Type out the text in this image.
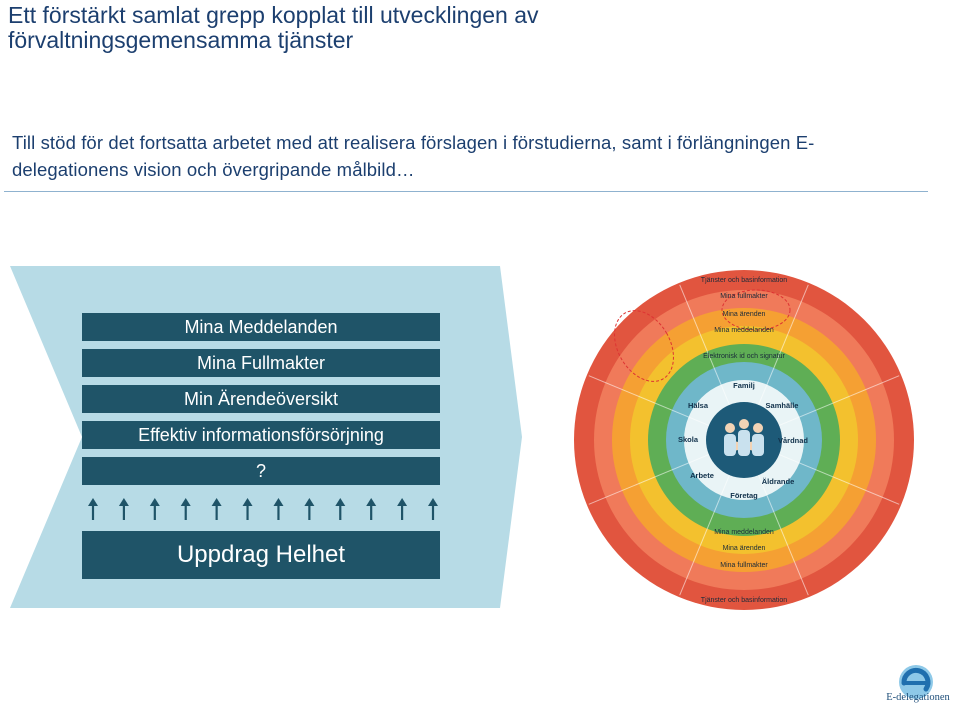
Ett förstärkt samlat grepp kopplat till utvecklingen av förvaltningsgemensamma tjänster

Till stöd för det fortsatta arbetet med att realisera förslagen i förstudierna, samt i förlängningen E-delegationens vision och övergripande målbild…

Mina Meddelanden
Mina Fullmakter
Min Ärendeöversikt
Effektiv informationsförsörjning
?
Uppdrag Helhet
Tjänster och basinformation
Tjänster och basinformation
Mina fullmakter
Mina ärenden
Mina meddelanden
Elektronisk id och signatur
Mina fullmakter
Mina ärenden
Mina meddelanden
Familj
Samhälle
Vårdnad
Äldrande
Företag
Arbete
Skola
Hälsa
E-delegationen
